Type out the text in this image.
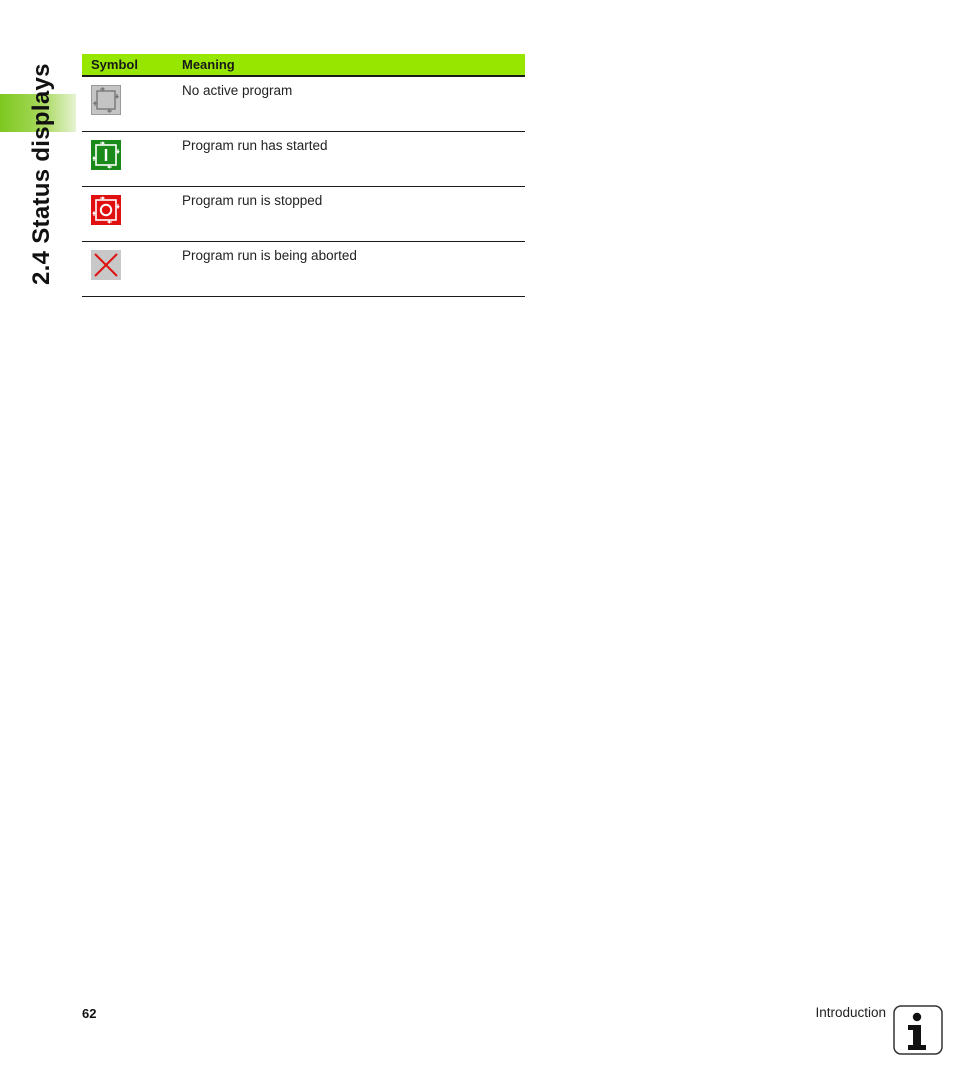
2.4 Status displays	Symbol	Meaning

	No active program

	Program run has started

	Program run is stopped

	Program run is being aborted
62	Introduction
